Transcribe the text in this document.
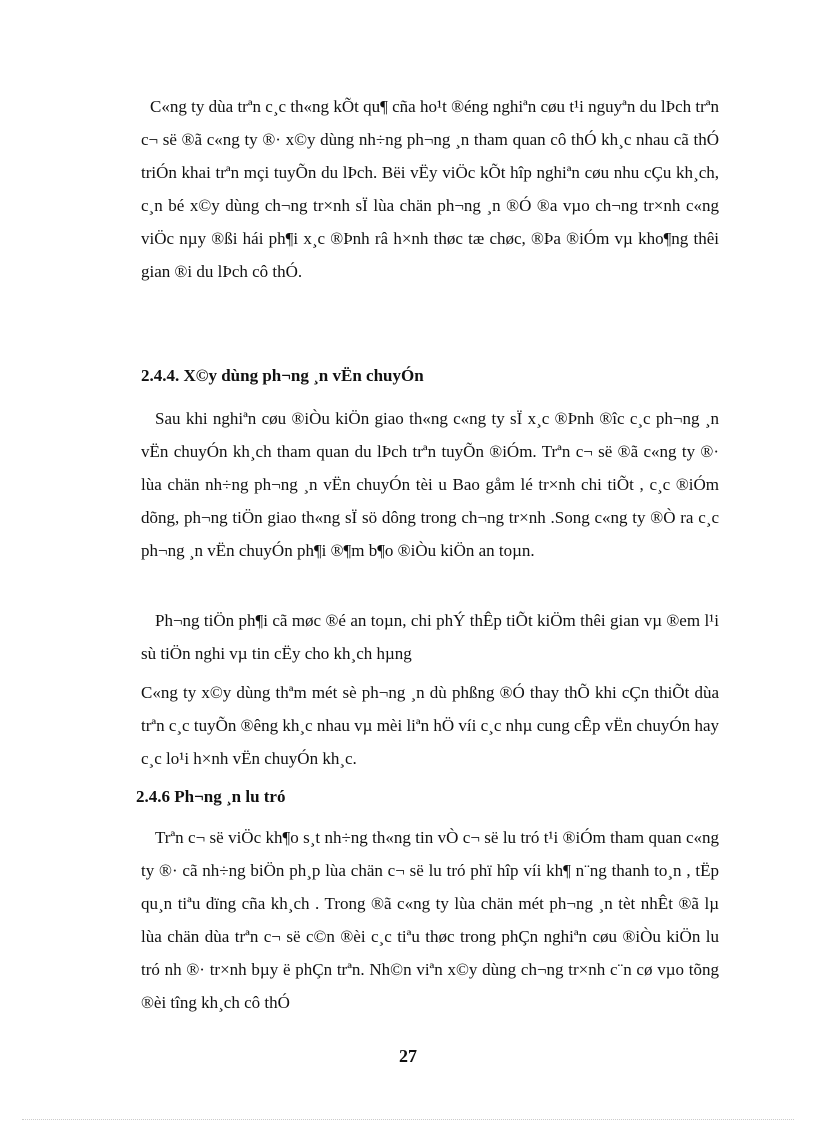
C«ng ty dùa trªn c¸c th«ng kÕt qu¶ cña ho¹t ®éng nghiªn cøu t¹i nguyªn du lÞch trªn c¬ së ®ã c«ng ty ®· x©y dùng nh÷ng ph¬ng ¸n tham quan cô thÓ kh¸c nhau cã thÓ triÓn khai trªn mçi tuyÕn du lÞch. Bëi vËy viÖc kÕt hîp nghiªn cøu nhu cÇu kh¸ch, c¸n bé x©y dùng ch¬ng tr×nh sÏ lùa chän ph¬ng ¸n ®Ó ®a vµo ch¬ng tr×nh c«ng viÖc nµy ®ßi hái ph¶i x¸c ®Þnh râ h×nh thøc tæ chøc, ®Þa ®iÓm vµ kho¶ng thêi gian ®i du lÞch cô thÓ.
2.4.4. X©y dùng ph¬ng ¸n vËn chuyÓn
Sau khi nghiªn cøu ®iÒu kiÖn giao th«ng c«ng ty sÏ x¸c ®Þnh ®îc c¸c ph¬ng ¸n vËn chuyÓn kh¸ch tham quan du lÞch trªn tuyÕn ®iÓm. Trªn c¬ së ®ã c«ng ty ®· lùa chän nh÷ng ph¬ng ¸n vËn chuyÓn tèi u Bao gåm lé tr×nh chi tiÕt , c¸c ®iÓm dõng, ph¬ng tiÖn giao th«ng sÏ sö dông trong ch¬ng tr×nh .Song c«ng ty ®Ò ra c¸c ph¬ng ¸n vËn chuyÓn ph¶i ®¶m b¶o ®iÒu kiÖn an toµn.
Ph¬ng tiÖn ph¶i cã møc ®é an toµn, chi phÝ thÊp tiÕt kiÖm thêi gian vµ ®em l¹i sù tiÖn nghi vµ tin cËy cho kh¸ch hµng
C«ng ty x©y dùng thªm mét sè ph¬ng ¸n dù phßng ®Ó thay thÕ khi cÇn thiÕt dùa trªn c¸c tuyÕn ®êng kh¸c nhau vµ mèi liªn hÖ víi c¸c nhµ cung cÊp vËn chuyÓn hay c¸c lo¹i h×nh vËn chuyÓn kh¸c.
2.4.6 Ph¬ng ¸n lu tró
Trªn c¬ së viÖc kh¶o s¸t nh÷ng th«ng tin vÒ c¬ së lu tró t¹i ®iÓm tham quan c«ng ty ®· cã nh÷ng biÖn ph¸p lùa chän c¬ së lu tró phï hîp víi kh¶ n¨ng thanh to¸n , tËp qu¸n tiªu dïng cña kh¸ch . Trong ®ã c«ng ty lùa chän mét ph¬ng ¸n tèt nhÊt ®ã lµ lùa chän dùa trªn c¬ së c©n ®èi c¸c tiªu thøc trong phÇn nghiªn cøu ®iÒu kiÖn lu tró nh ®· tr×nh bµy ë phÇn trªn. Nh©n viªn x©y dùng ch¬ng tr×nh c¨n cø vµo tõng ®èi tîng kh¸ch cô thÓ
27
